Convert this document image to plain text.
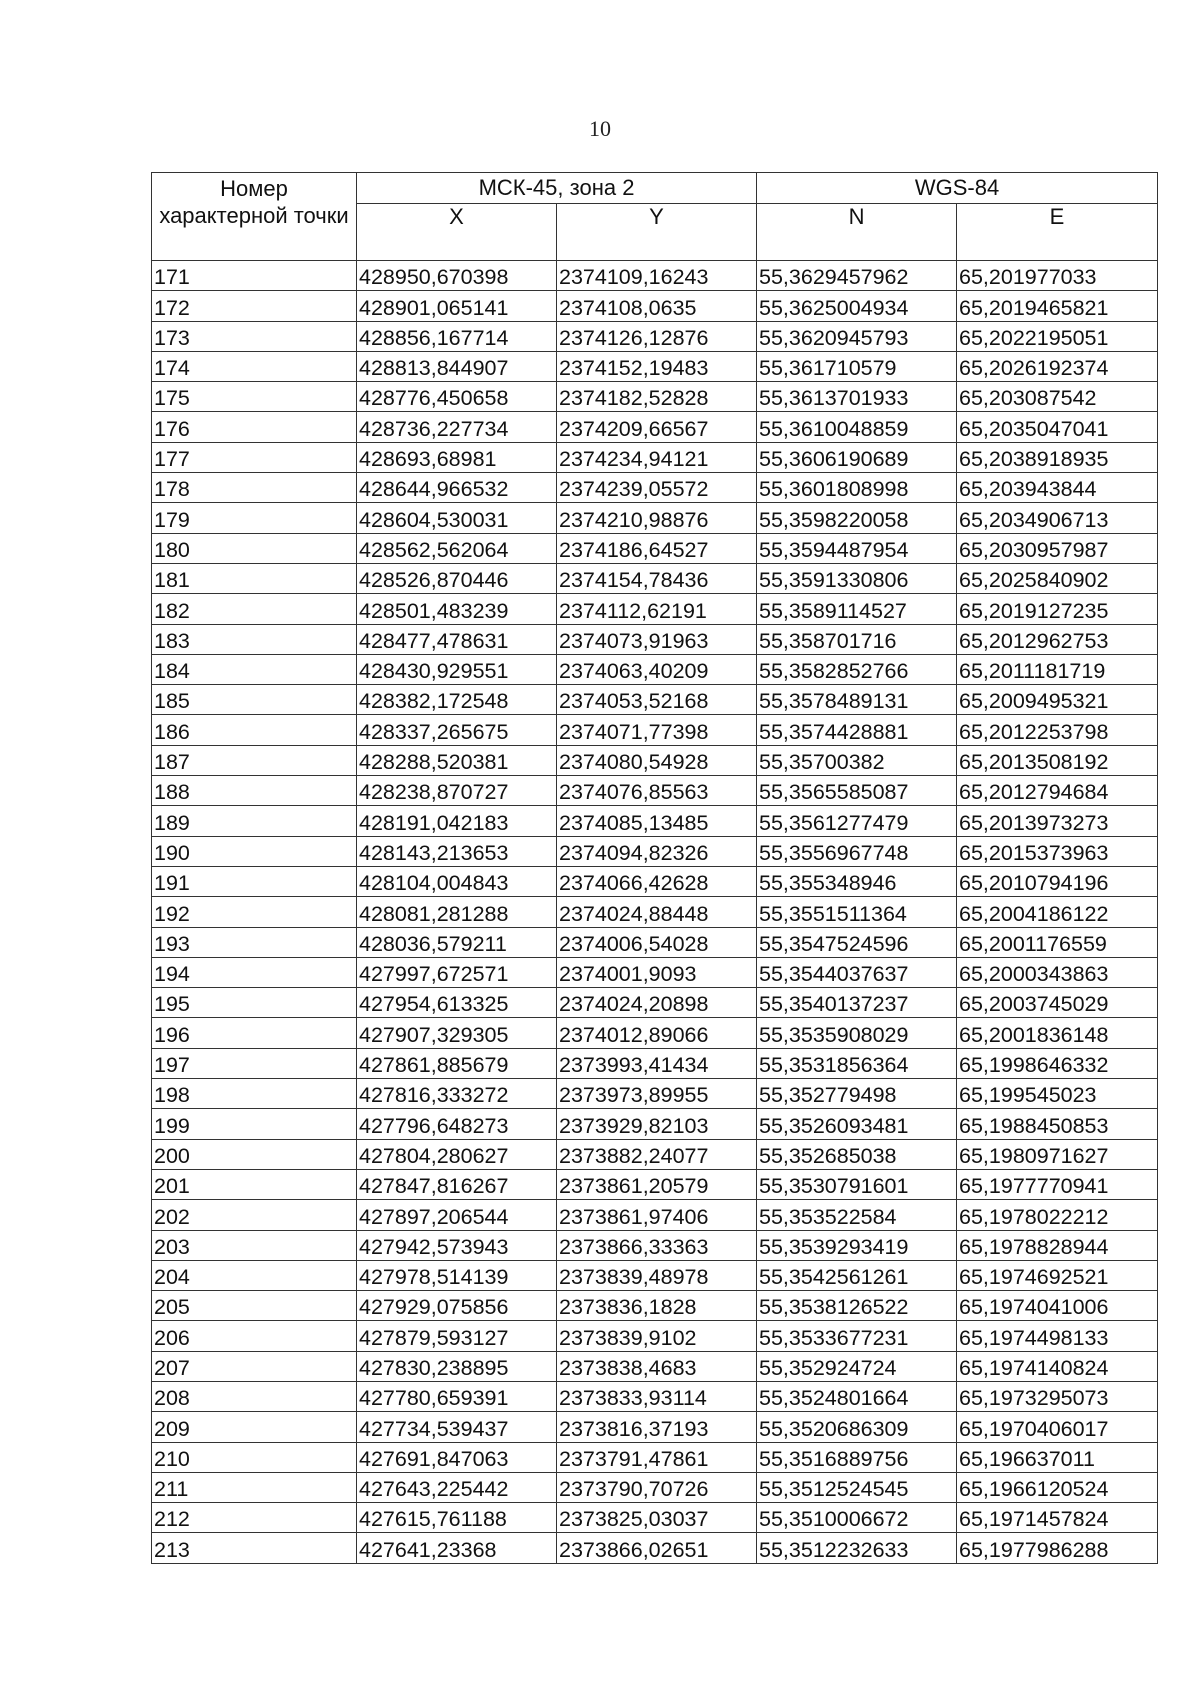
10
Номер характерной точки	МСК-45, зона 2		WGS-84	
	X	Y	N	E
171	428950,670398	2374109,16243	55,3629457962	65,201977033
172	428901,065141	2374108,0635	55,3625004934	65,2019465821
173	428856,167714	2374126,12876	55,3620945793	65,2022195051
174	428813,844907	2374152,19483	55,361710579	65,2026192374
175	428776,450658	2374182,52828	55,3613701933	65,203087542
176	428736,227734	2374209,66567	55,3610048859	65,2035047041
177	428693,68981	2374234,94121	55,3606190689	65,2038918935
178	428644,966532	2374239,05572	55,3601808998	65,203943844
179	428604,530031	2374210,98876	55,3598220058	65,2034906713
180	428562,562064	2374186,64527	55,3594487954	65,2030957987
181	428526,870446	2374154,78436	55,3591330806	65,2025840902
182	428501,483239	2374112,62191	55,3589114527	65,2019127235
183	428477,478631	2374073,91963	55,358701716	65,2012962753
184	428430,929551	2374063,40209	55,3582852766	65,2011181719
185	428382,172548	2374053,52168	55,3578489131	65,2009495321
186	428337,265675	2374071,77398	55,3574428881	65,2012253798
187	428288,520381	2374080,54928	55,35700382	65,2013508192
188	428238,870727	2374076,85563	55,3565585087	65,2012794684
189	428191,042183	2374085,13485	55,3561277479	65,2013973273
190	428143,213653	2374094,82326	55,3556967748	65,2015373963
191	428104,004843	2374066,42628	55,355348946	65,2010794196
192	428081,281288	2374024,88448	55,3551511364	65,2004186122
193	428036,579211	2374006,54028	55,3547524596	65,2001176559
194	427997,672571	2374001,9093	55,3544037637	65,2000343863
195	427954,613325	2374024,20898	55,3540137237	65,2003745029
196	427907,329305	2374012,89066	55,3535908029	65,2001836148
197	427861,885679	2373993,41434	55,3531856364	65,1998646332
198	427816,333272	2373973,89955	55,352779498	65,199545023
199	427796,648273	2373929,82103	55,3526093481	65,1988450853
200	427804,280627	2373882,24077	55,352685038	65,1980971627
201	427847,816267	2373861,20579	55,3530791601	65,1977770941
202	427897,206544	2373861,97406	55,353522584	65,1978022212
203	427942,573943	2373866,33363	55,3539293419	65,1978828944
204	427978,514139	2373839,48978	55,3542561261	65,1974692521
205	427929,075856	2373836,1828	55,3538126522	65,1974041006
206	427879,593127	2373839,9102	55,3533677231	65,1974498133
207	427830,238895	2373838,4683	55,352924724	65,1974140824
208	427780,659391	2373833,93114	55,3524801664	65,1973295073
209	427734,539437	2373816,37193	55,3520686309	65,1970406017
210	427691,847063	2373791,47861	55,3516889756	65,196637011
211	427643,225442	2373790,70726	55,3512524545	65,1966120524
212	427615,761188	2373825,03037	55,3510006672	65,1971457824
213	427641,23368	2373866,02651	55,3512232633	65,1977986288
